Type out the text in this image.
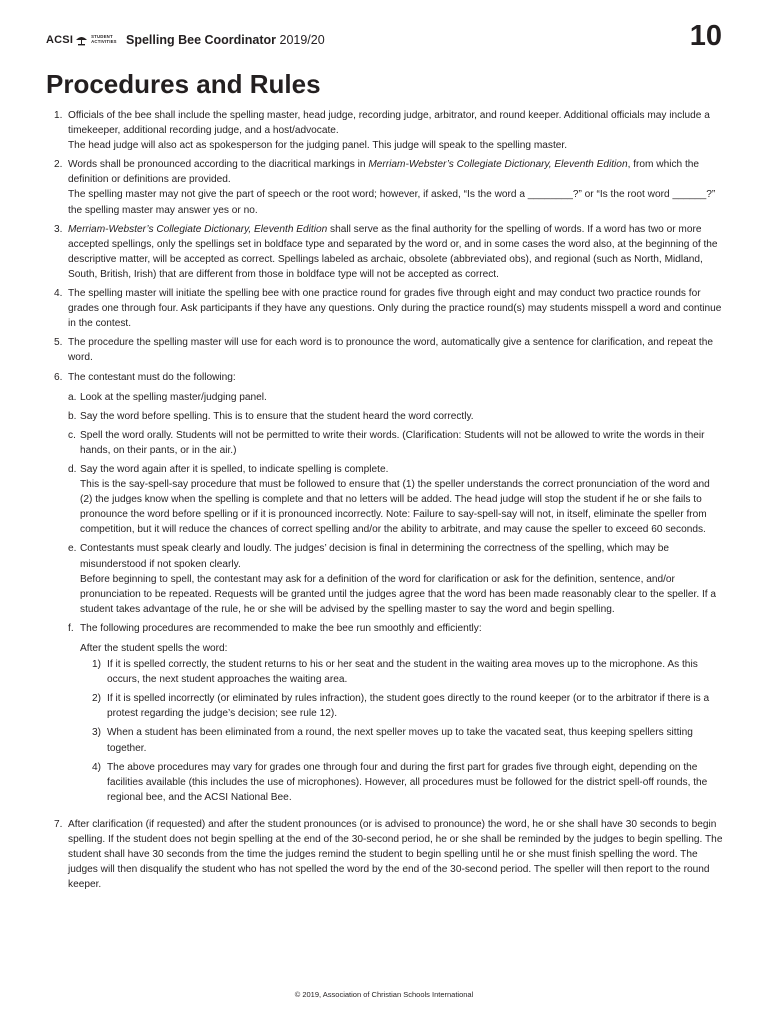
ACSI	STUDENT
ACTIVITIES Spelling Bee Coordinator 2019/20	10
Procedures and Rules
1. Officials of the bee shall include the spelling master, head judge, recording judge, arbitrator, and round keeper. Additional officials may include a timekeeper, additional recording judge, and a host/advocate.

The head judge will also act as spokesperson for the judging panel. This judge will speak to the spelling master.

2. Words shall be pronounced according to the diacritical markings in Merriam-Webster’s Collegiate Dictionary, Eleventh Edition, from which the definition or definitions are provided.

The spelling master may not give the part of speech or the root word; however, if asked, “Is the word a ________?” or “Is the root word ______?” the spelling master may answer yes or no.

3. Merriam-Webster’s Collegiate Dictionary, Eleventh Edition shall serve as the final authority for the spelling of words. If a word has two or more accepted spellings, only the spellings set in boldface type and separated by the word or, and in some cases the word also, at the beginning of the descriptive matter, will be accepted as correct. Spellings labeled as archaic, obsolete (abbreviated obs), and regional (such as North, Midland, South, British, Irish) that are different from those in boldface type will not be accepted as correct.

4. The spelling master will initiate the spelling bee with one practice round for grades five through eight and may conduct two practice rounds for grades one through four. Ask participants if they have any questions. Only during the practice round(s) may students misspell a word and continue in the contest.

5. The procedure the spelling master will use for each word is to pronounce the word, automatically give a sentence for clarification, and repeat the word.

6. The contestant must do the following:

a. Look at the spelling master/judging panel.

b. Say the word before spelling. This is to ensure that the student heard the word correctly.

c. Spell the word orally. Students will not be permitted to write their words. (Clarification: Students will not be allowed to write the words in their hands, on their pants, or in the air.)

d. Say the word again after it is spelled, to indicate spelling is complete.

This is the say-spell-say procedure that must be followed to ensure that (1) the speller understands the correct pronunciation of the word and (2) the judges know when the spelling is complete and that no letters will be added. The head judge will stop the student if he or she fails to pronounce the word before spelling or if it is pronounced incorrectly. Note: Failure to say-spell-say will not, in itself, eliminate the speller from competition, but it will reduce the chances of correct spelling and/or the ability to arbitrate, and may cause the speller to exceed 60 seconds.

e. Contestants must speak clearly and loudly. The judges’ decision is final in determining the correctness of the spelling, which may be misunderstood if not spoken clearly.

Before beginning to spell, the contestant may ask for a definition of the word for clarification or ask for the definition, sentence, and/or pronunciation to be repeated. Requests will be granted until the judges agree that the word has been made reasonably clear to the speller. If a student takes advantage of the rule, he or she will be advised by the spelling master to say the word and begin spelling.

f. The following procedures are recommended to make the bee run smoothly and efficiently:

After the student spells the word:

1) If it is spelled correctly, the student returns to his or her seat and the student in the waiting area moves up to the microphone. As this occurs, the next student approaches the waiting area.

2) If it is spelled incorrectly (or eliminated by rules infraction), the student goes directly to the round keeper (or to the arbitrator if there is a protest regarding the judge’s decision; see rule 12).

3) When a student has been eliminated from a round, the next speller moves up to take the vacated seat, thus keeping spellers sitting together.

4) The above procedures may vary for grades one through four and during the first part for grades five through eight, depending on the facilities available (this includes the use of microphones). However, all procedures must be followed for the district spell-off rounds, the regional bee, and the ACSI National Bee.

7. After clarification (if requested) and after the student pronounces (or is advised to pronounce) the word, he or she shall have 30 seconds to begin spelling. If the student does not begin spelling at the end of the 30-second period, he or she shall be reminded by the judges to begin spelling. The student shall have 30 seconds from the time the judges remind the student to begin spelling until he or she must finish spelling the word. The judges will then disqualify the student who has not spelled the word by the end of the 30-second period. The speller will then report to the round keeper.

© 2019, Association of Christian Schools International
